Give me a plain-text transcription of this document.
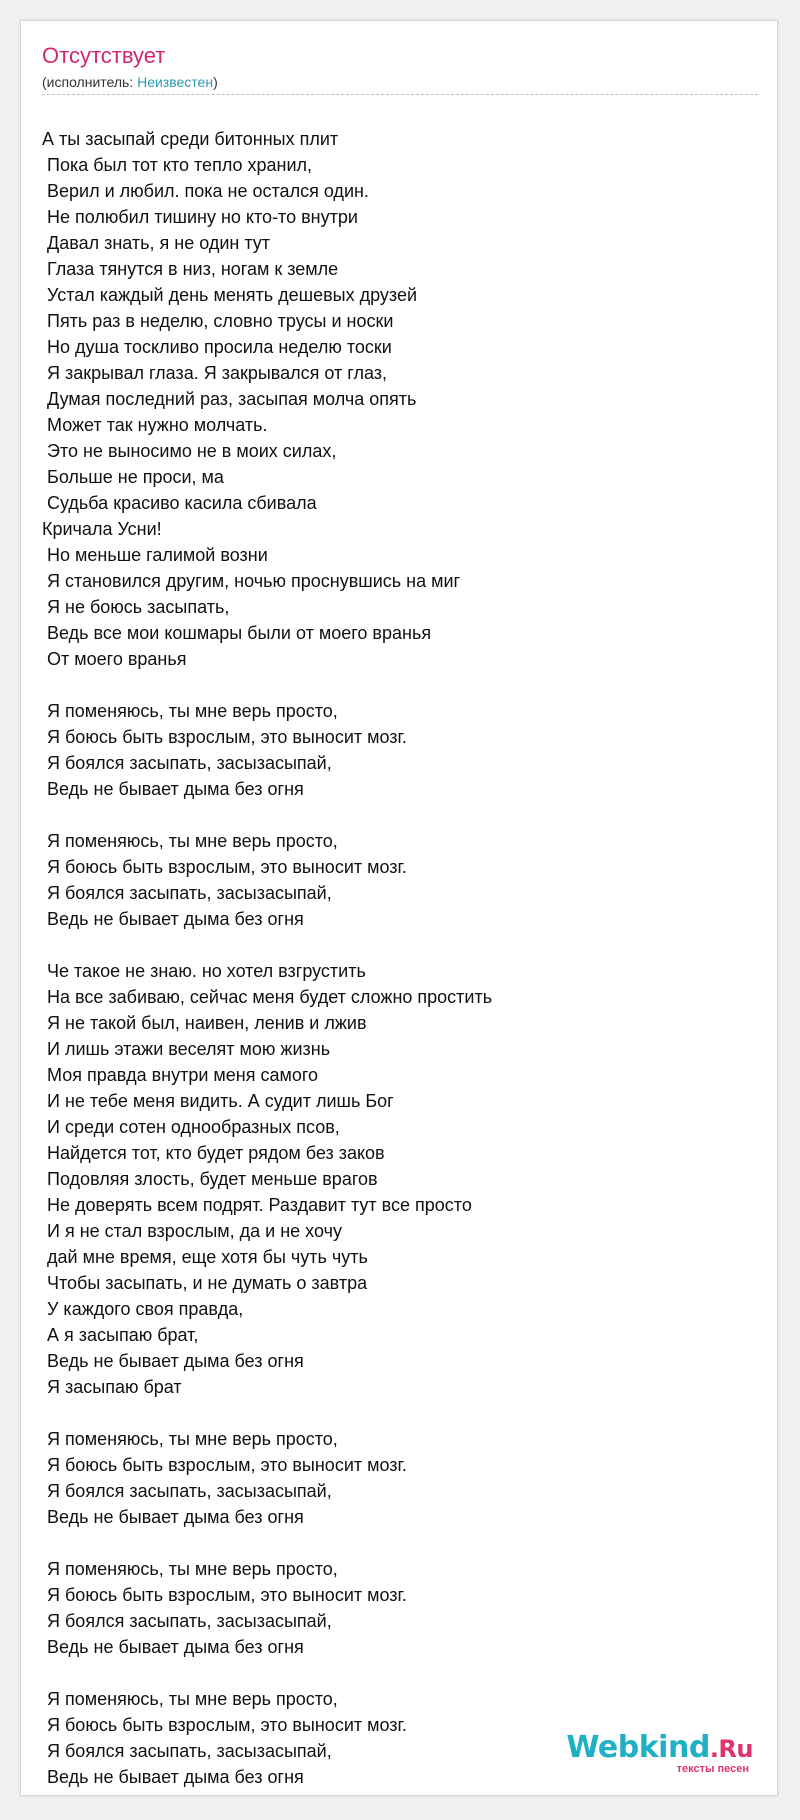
Отсутствует
(исполнитель: Неизвестен)
А ты засыпай среди битонных плит
Пока был тот кто тепло хранил,
Верил и любил. пока не остался один.
Не полюбил тишину но кто-то внутри
Давал знать, я не один тут
Глаза тянутся в низ, ногам к земле
Устал каждый день менять дешевых друзей
Пять раз в неделю, словно трусы и носки
Но душа тоскливо просила неделю тоски
Я закрывал глаза. Я закрывался от глаз,
Думая последний раз, засыпая молча опять
Может так нужно молчать.
Это не выносимо не в моих силах,
Больше не проси, ма
Судьба красиво касила сбивала
Кричала Усни!
Но меньше галимой возни
Я становился другим, ночью проснувшись на миг
Я не боюсь засыпать,
Ведь все мои кошмары были от моего вранья
От моего вранья
Я поменяюсь, ты мне верь просто,
Я боюсь быть взрослым, это выносит мозг.
Я боялся засыпать, засызасыпай,
Ведь не бывает дыма без огня
Я поменяюсь, ты мне верь просто,
Я боюсь быть взрослым, это выносит мозг.
Я боялся засыпать, засызасыпай,
Ведь не бывает дыма без огня
Че такое не знаю. но хотел взгрустить
На все забиваю, сейчас меня будет сложно простить
Я не такой был, наивен, ленив и лжив
И лишь этажи веселят мою жизнь
Моя правда внутри меня самого
И не тебе меня видить. А судит лишь Бог
И среди сотен однообразных псов,
Найдется тот, кто будет рядом без заков
Подовляя злость, будет меньше врагов
Не доверять всем подрят. Раздавит тут все просто
И я не стал взрослым, да и не хочу
дай мне время, еще хотя бы чуть чуть
Чтобы засыпать, и не думать о завтра
У каждого своя правда,
А я засыпаю брат,
Ведь не бывает дыма без огня
Я засыпаю брат
Я поменяюсь, ты мне верь просто,
Я боюсь быть взрослым, это выносит мозг.
Я боялся засыпать, засызасыпай,
Ведь не бывает дыма без огня
Я поменяюсь, ты мне верь просто,
Я боюсь быть взрослым, это выносит мозг.
Я боялся засыпать, засызасыпай,
Ведь не бывает дыма без огня
Я поменяюсь, ты мне верь просто,
Я боюсь быть взрослым, это выносит мозг.
Я боялся засыпать, засызасыпай,
Ведь не бывает дыма без огня
Webkind.Ru
тексты песен
